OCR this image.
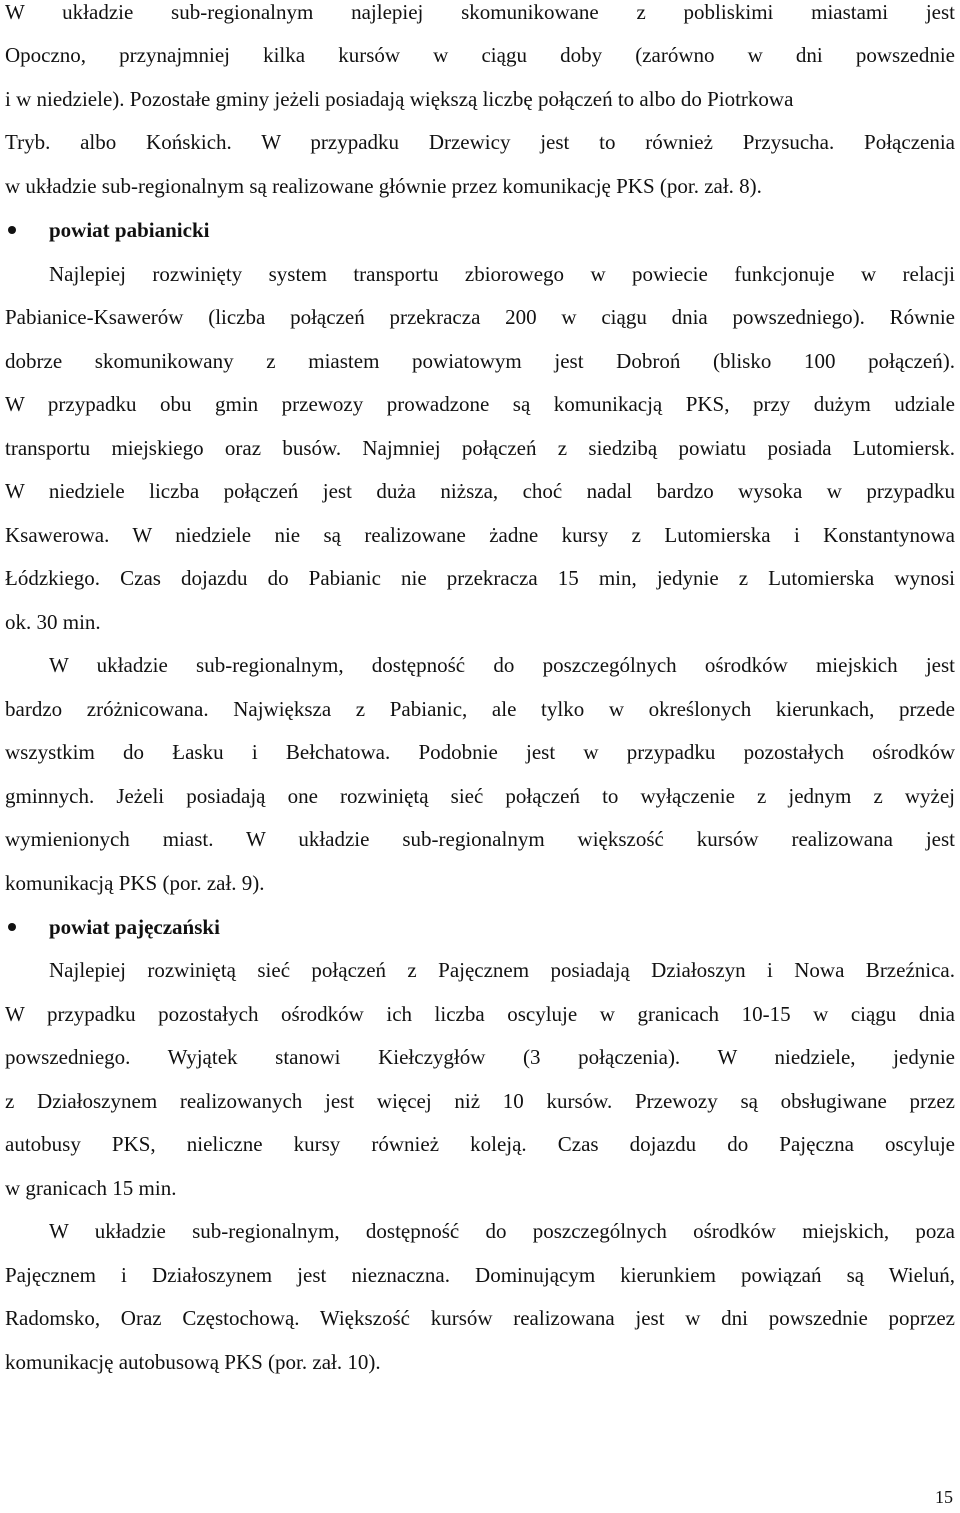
W układzie sub-regionalnym najlepiej skomunikowane z pobliskimi miastami jest
Opoczno, przynajmniej kilka kursów w ciągu doby (zarówno w dni powszednie
i w niedziele). Pozostałe gminy jeżeli posiadają większą liczbę połączeń to albo do Piotrkowa
Tryb. albo Końskich. W przypadku Drzewicy jest to również Przysucha. Połączenia
w układzie sub-regionalnym są realizowane głównie przez komunikację PKS (por. zał. 8).
powiat pabianicki
Najlepiej rozwinięty system transportu zbiorowego w powiecie funkcjonuje w relacji
Pabianice-Ksawerów (liczba połączeń przekracza 200 w ciągu dnia powszedniego). Równie
dobrze skomunikowany z miastem powiatowym jest Dobroń (blisko 100 połączeń).
W przypadku obu gmin przewozy prowadzone są komunikacją PKS, przy dużym udziale
transportu miejskiego oraz busów. Najmniej połączeń z siedzibą powiatu posiada Lutomiersk.
W niedziele liczba połączeń jest duża niższa, choć nadal bardzo wysoka w przypadku
Ksawerowa. W niedziele nie są realizowane żadne kursy z Lutomierska i Konstantynowa
Łódzkiego. Czas dojazdu do Pabianic nie przekracza 15 min, jedynie z Lutomierska wynosi
ok. 30 min.
W układzie sub-regionalnym, dostępność do poszczególnych ośrodków miejskich jest
bardzo zróżnicowana. Największa z Pabianic, ale tylko w określonych kierunkach, przede
wszystkim do Łasku i Bełchatowa. Podobnie jest w przypadku pozostałych ośrodków
gminnych. Jeżeli posiadają one rozwiniętą sieć połączeń to wyłączenie z jednym z wyżej
wymienionych miast. W układzie sub-regionalnym większość kursów realizowana jest
komunikacją PKS (por. zał. 9).
powiat pajęczański
Najlepiej rozwiniętą sieć połączeń z Pajęcznem posiadają Działoszyn i Nowa Brzeźnica.
W przypadku pozostałych ośrodków ich liczba oscyluje w granicach 10-15 w ciągu dnia
powszedniego. Wyjątek stanowi Kiełczygłów (3 połączenia). W niedziele, jedynie
z Działoszynem realizowanych jest więcej niż 10 kursów. Przewozy są obsługiwane przez
autobusy PKS, nieliczne kursy również koleją. Czas dojazdu do Pajęczna oscyluje
w granicach 15 min.
W układzie sub-regionalnym, dostępność do poszczególnych ośrodków miejskich, poza
Pajęcznem i Działoszynem jest nieznaczna. Dominującym kierunkiem powiązań są Wieluń,
Radomsko, Oraz Częstochową. Większość kursów realizowana jest w dni powszednie poprzez
komunikację autobusową PKS (por. zał. 10).
15
